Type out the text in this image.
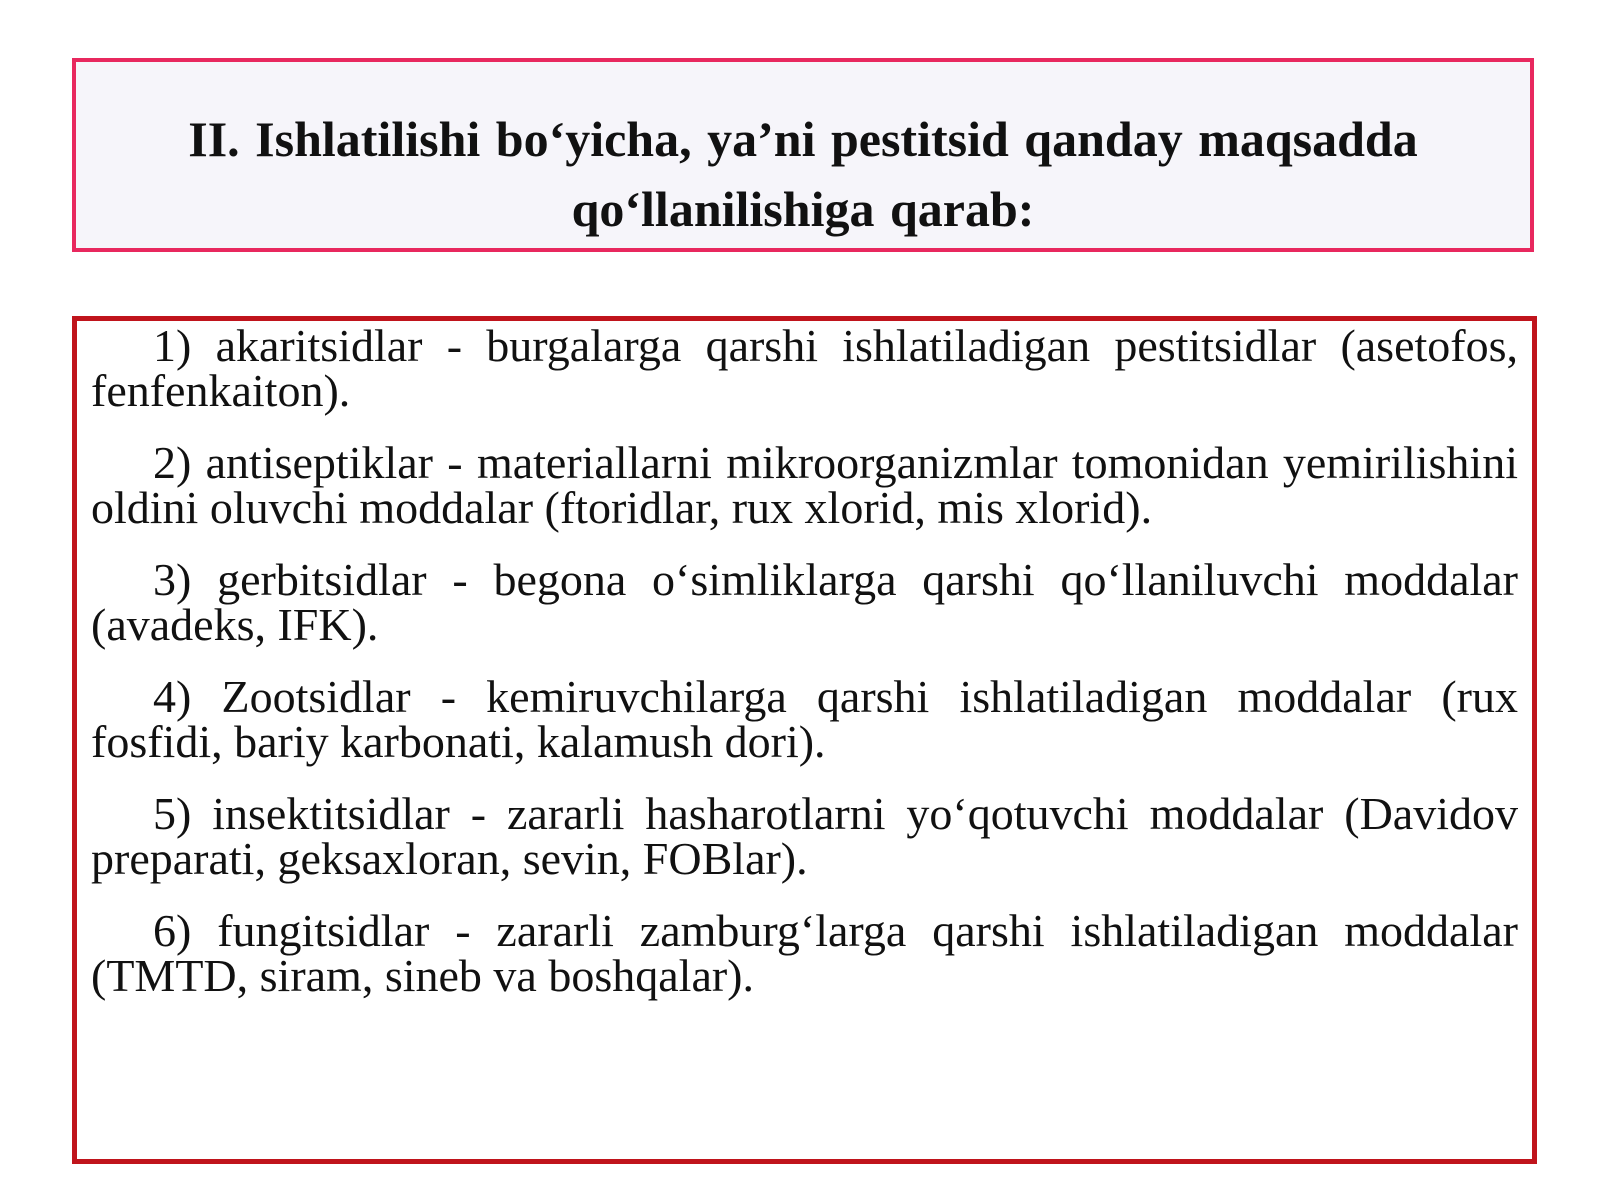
II. Ishlatilishi bo‘yicha, ya’ni pestitsid qanday maqsadda qo‘llanilishiga qarab:

1) akaritsidlar - burgalarga qarshi ishlatiladigan pestitsidlar (asetofos, fenfenkaiton).

2) antiseptiklar - materiallarni mikroorganizmlar tomonidan yemirilishini oldini oluvchi moddalar (ftoridlar, rux xlorid, mis xlorid).

3) gerbitsidlar - begona o‘simliklarga qarshi qo‘llaniluvchi moddalar (avadeks, IFK).

4) Zootsidlar - kemiruvchilarga qarshi ishlatiladigan moddalar (rux fosfidi, bariy karbonati, kalamush dori).

5) insektitsidlar - zararli hasharotlarni yo‘qotuvchi moddalar (Davidov preparati, geksaxloran, sevin, FOBlar).

6) fungitsidlar - zararli zamburg‘larga qarshi ishlatiladigan moddalar (TMTD, siram, sineb va boshqalar).
